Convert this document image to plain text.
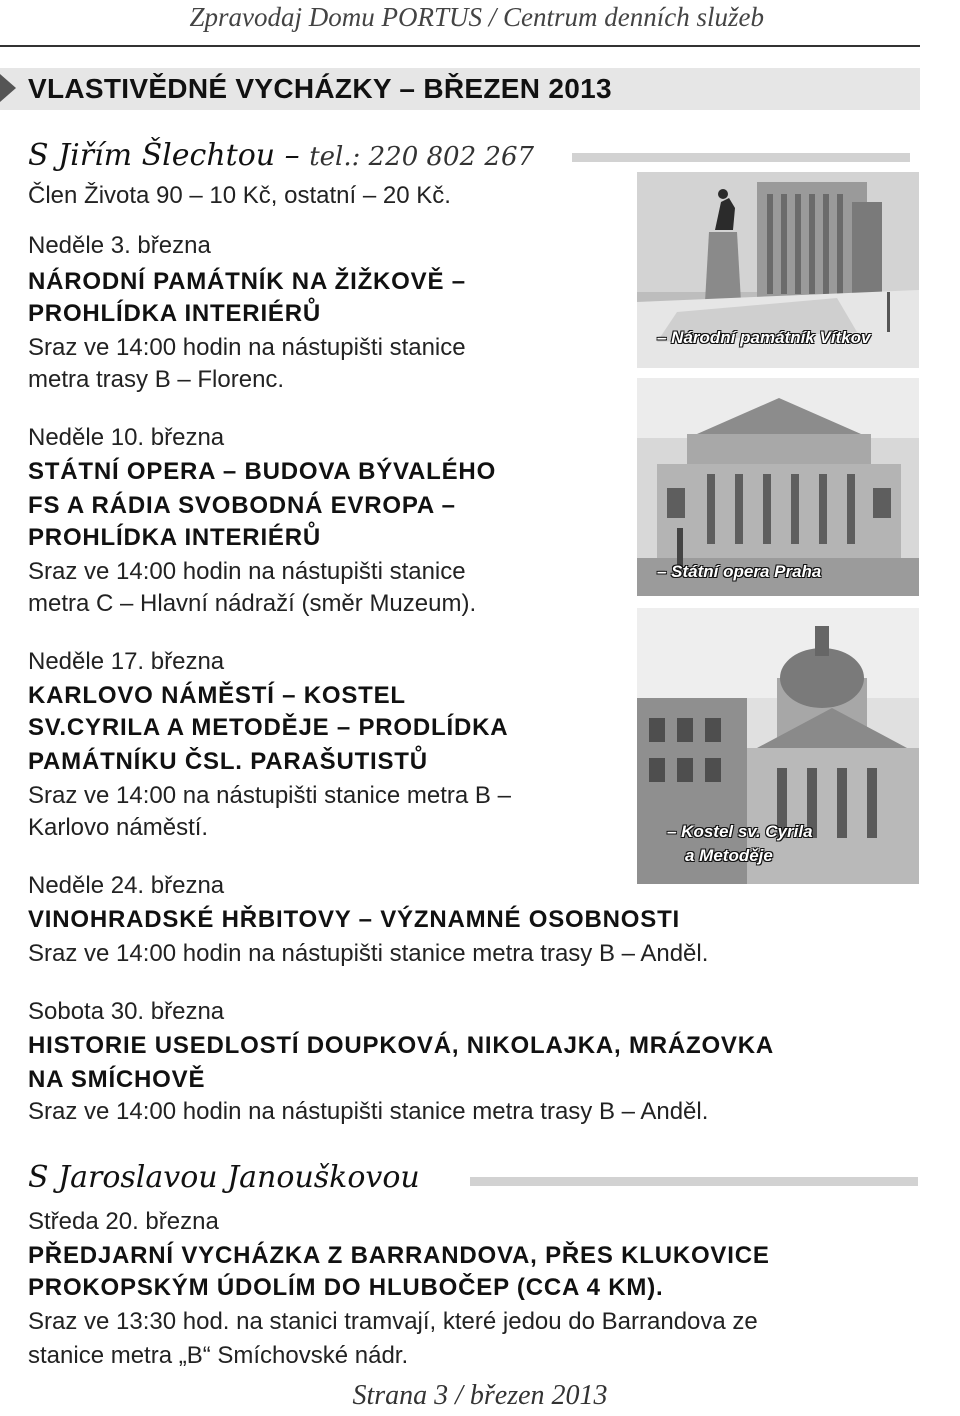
Zpravodaj Domu PORTUS / Centrum denních služeb
VLASTIVĚDNÉ VYCHÁZKY – BŘEZEN 2013
S Jiřím Šlechtou – tel.: 220 802 267
Člen Života 90 – 10 Kč, ostatní – 20 Kč.
Neděle 3. března
NÁRODNÍ PAMÁTNÍK NA ŽIŽKOVĚ –
PROHLÍDKA INTERIÉRŮ
Sraz ve 14:00 hodin na nástupišti stanice
metra trasy B – Florenc.
Neděle 10. března
STÁTNÍ OPERA – BUDOVA BÝVALÉHO
FS A RÁDIA SVOBODNÁ EVROPA –
PROHLÍDKA INTERIÉRŮ
Sraz ve 14:00 hodin na nástupišti stanice
metra C – Hlavní nádraží (směr Muzeum).
Neděle 17. března
KARLOVO NÁMĚSTÍ – KOSTEL
SV.CYRILA A METODĚJE – PRODLÍDKA
PAMÁTNÍKU ČSL. PARAŠUTISTŮ
Sraz ve 14:00 na nástupišti stanice metra B –
Karlovo náměstí.
Neděle 24. března
VINOHRADSKÉ HŘBITOVY – VÝZNAMNÉ OSOBNOSTI
Sraz ve 14:00 hodin na nástupišti stanice metra trasy B – Anděl.
Sobota 30. března
HISTORIE USEDLOSTÍ DOUPKOVÁ, NIKOLAJKA, MRÁZOVKA
NA SMÍCHOVĚ
Sraz ve 14:00 hodin na nástupišti stanice metra trasy B – Anděl.
S Jaroslavou Janouškovou
Středa 20. března
PŘEDJARNÍ VYCHÁZKA Z BARRANDOVA, PŘES KLUKOVICE
PROKOPSKÝM ÚDOLÍM DO HLUBOČEP (CCA 4 KM).
Sraz ve 13:30 hod. na stanici tramvají, které jedou do Barrandova ze
stanice metra „B“ Smíchovské nádr.
– Národní památník Vítkov
– Státní opera Praha
– Kostel sv. Cyrila
a Metoděje
Strana 3 / březen 2013
